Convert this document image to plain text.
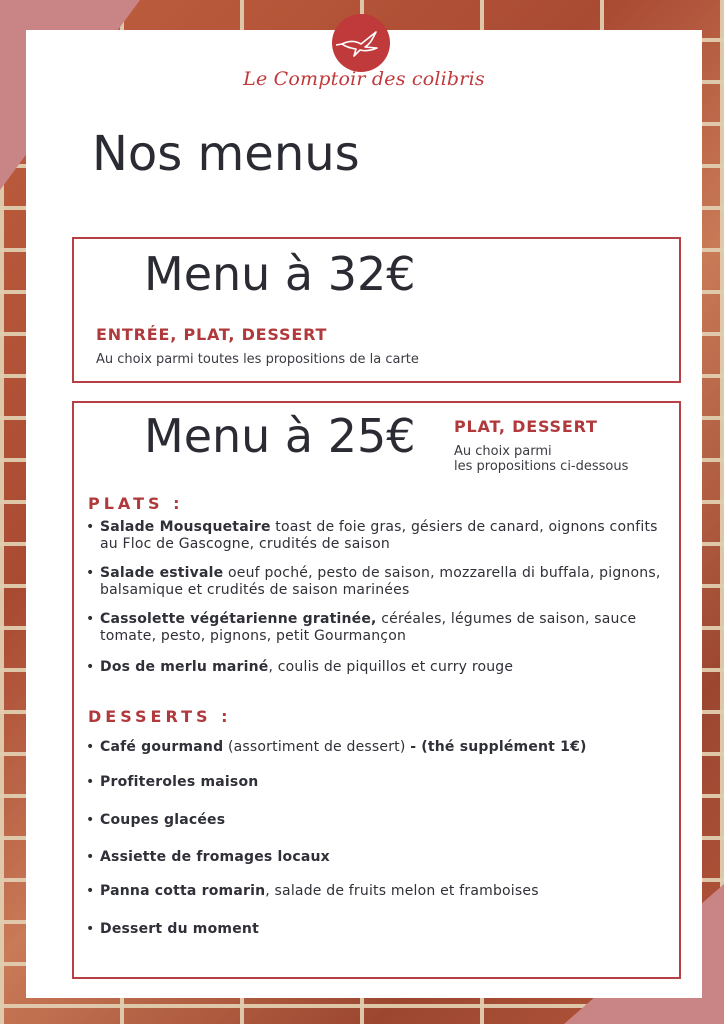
Le Comptoir des colibris
Nos menus
Menu à 32€
ENTRÉE, PLAT, DESSERT
Au choix parmi toutes les propositions de la carte
Menu à 25€ PLAT, DESSERT
Au choix parmi
les propositions ci-dessous
PLATS :
• Salade Mousquetaire toast de foie gras, gésiers de canard, oignons confits au Floc de Gascogne, crudités de saison
• Salade estivale oeuf poché, pesto de saison, mozzarella di buffala, pignons, balsamique et crudités de saison marinées
• Cassolette végétarienne gratinée, céréales, légumes de saison, sauce tomate, pesto, pignons, petit Gourmançon
• Dos de merlu mariné, coulis de piquillos et curry rouge
DESSERTS :
• Café gourmand (assortiment de dessert) - (thé supplément 1€)
• Profiteroles maison
• Coupes glacées
• Assiette de fromages locaux
• Panna cotta romarin, salade de fruits melon et framboises
• Dessert du moment
